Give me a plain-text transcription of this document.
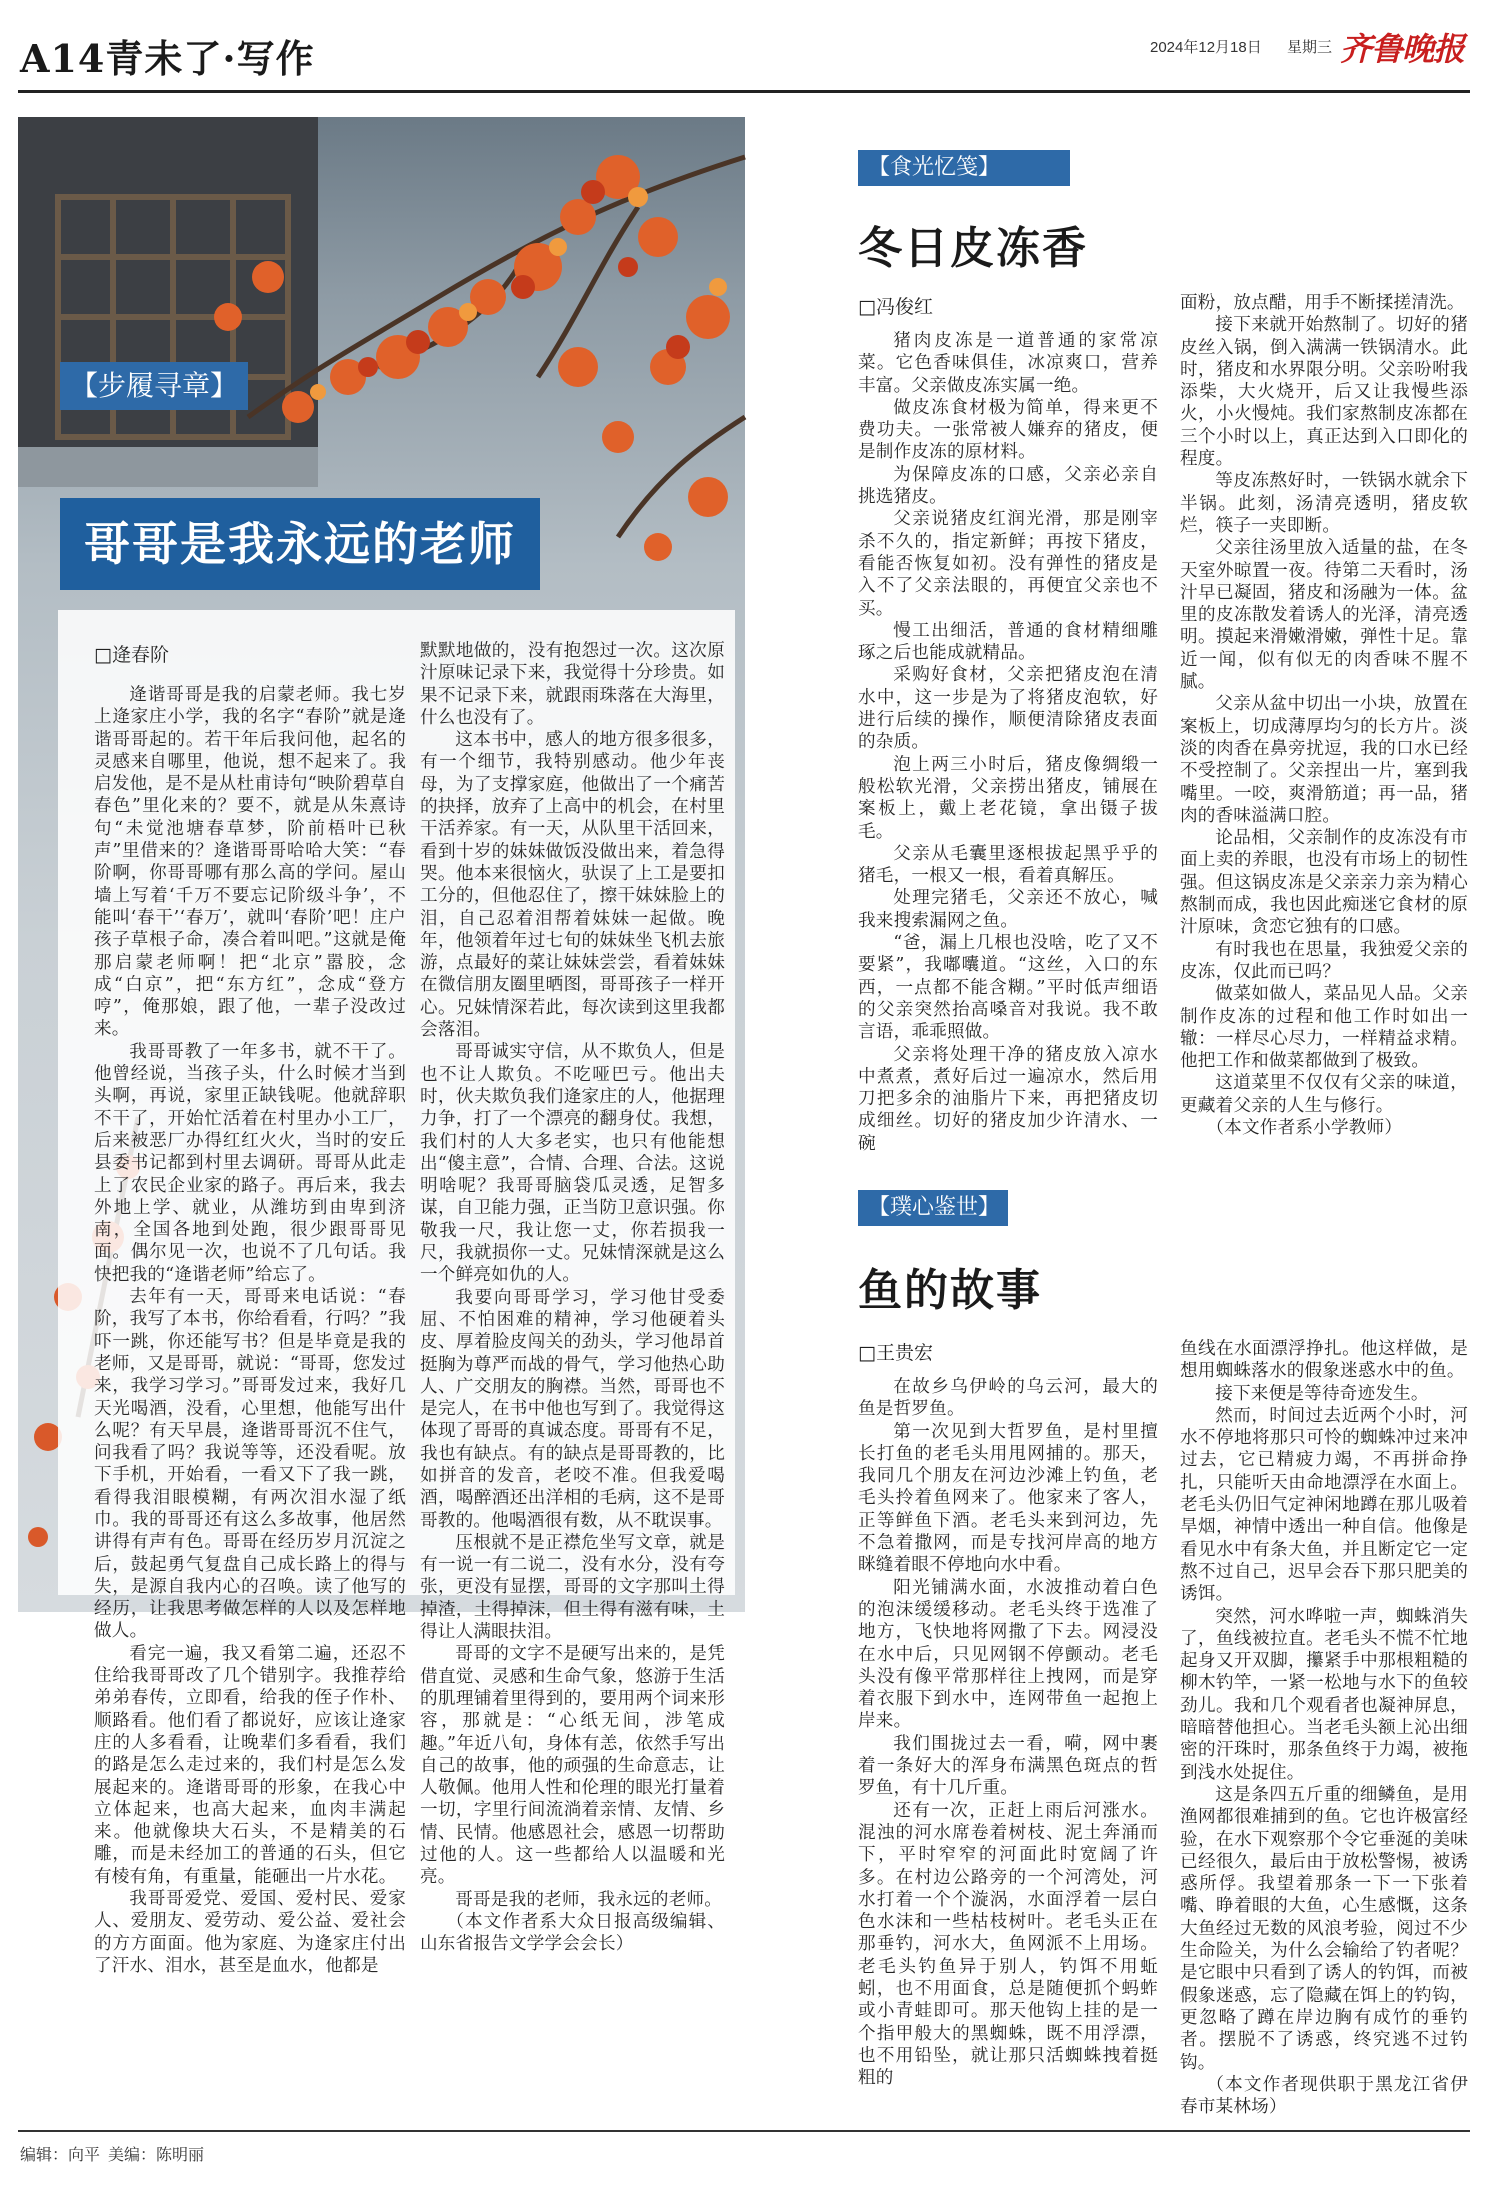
A14青未了·写作	2024年12月18日 星期三 齐鲁晚报
【步履寻章】
哥哥是我永远的老师
□逄春阶

逄谐哥哥是我的启蒙老师。我七岁上逄家庄小学，我的名字“春阶”就是逄谐哥哥起的。若干年后我问他，起名的灵感来自哪里，他说，想不起来了。我启发他，是不是从杜甫诗句“映阶碧草自春色”里化来的？要不，就是从朱熹诗句“未觉池塘春草梦，阶前梧叶已秋声”里借来的？逄谐哥哥哈哈大笑：“春阶啊，你哥哥哪有那么高的学问。屋山墙上写着‘千万不要忘记阶级斗争’，不能叫‘春干’‘春万’，就叫‘春阶’吧！庄户孩子草根子命，凑合着叫吧。”这就是俺那启蒙老师啊！把“北京”嚣胶，念成“白京”，把“东方红”，念成“登方哼”，俺那娘，跟了他，一辈子没改过来。

我哥哥教了一年多书，就不干了。他曾经说，当孩子头，什么时候才当到头啊，再说，家里正缺钱呢。他就辞职不干了，开始忙活着在村里办小工厂，后来被恶厂办得红红火火，当时的安丘县委书记都到村里去调研。哥哥从此走上了农民企业家的路子。再后来，我去外地上学、就业，从潍坊到由卑到济南，全国各地到处跑，很少跟哥哥见面。偶尔见一次，也说不了几句话。我快把我的“逄谐老师”给忘了。

去年有一天，哥哥来电话说：“春阶，我写了本书，你给看看，行吗？”我吓一跳，你还能写书？但是毕竟是我的老师，又是哥哥，就说：“哥哥，您发过来，我学习学习。”哥哥发过来，我好几天光喝酒，没看，心里想，他能写出什么呢？有天早晨，逄谐哥哥沉不住气，问我看了吗？我说等等，还没看呢。放下手机，开始看，一看又下了我一跳，看得我泪眼模糊，有两次泪水湿了纸巾。我的哥哥还有这么多故事，他居然讲得有声有色。哥哥在经历岁月沉淀之后，鼓起勇气复盘自己成长路上的得与失，是源自我内心的召唤。读了他写的经历，让我思考做怎样的人以及怎样地做人。

看完一遍，我又看第二遍，还忍不住给我哥哥改了几个错别字。我推荐给弟弟春传，立即看，给我的侄子作朴、顺路看。他们看了都说好，应该让逄家庄的人多看看，让晚辈们多看看，我们的路是怎么走过来的，我们村是怎么发展起来的。逄谐哥哥的形象，在我心中立体起来，也高大起来，血肉丰满起来。他就像块大石头，不是精美的石雕，而是未经加工的普通的石头，但它有棱有角，有重量，能砸出一片水花。

我哥哥爱党、爱国、爱村民、爱家人、爱朋友、爱劳动、爱公益、爱社会的方方面面。他为家庭、为逄家庄付出了汗水、泪水，甚至是血水，他都是

默默地做的，没有抱怨过一次。这次原汁原味记录下来，我觉得十分珍贵。如果不记录下来，就跟雨珠落在大海里，什么也没有了。

这本书中，感人的地方很多很多，有一个细节，我特别感动。他少年丧母，为了支撑家庭，他做出了一个痛苦的抉择，放弃了上高中的机会，在村里干活养家。有一天，从队里干活回来，看到十岁的妹妹做饭没做出来，着急得哭。他本来很恼火，驮误了上工是要扣工分的，但他忍住了，擦干妹妹脸上的泪，自己忍着泪帮着妹妹一起做。晚年，他领着年过七旬的妹妹坐飞机去旅游，点最好的菜让妹妹尝尝，看着妹妹在微信朋友圈里晒图，哥哥孩子一样开心。兄妹情深若此，每次读到这里我都会落泪。

哥哥诚实守信，从不欺负人，但是也不让人欺负。不吃哑巴亏。他出夫时，伙夫欺负我们逄家庄的人，他据理力争，打了一个漂亮的翻身仗。我想，我们村的人大多老实，也只有他能想出“傻主意”，合情、合理、合法。这说明啥呢？我哥哥脑袋瓜灵透，足智多谋，自卫能力强，正当防卫意识强。你敬我一尺，我让您一丈，你若损我一尺，我就损你一丈。兄妹情深就是这么一个鲜亮如仇的人。

我要向哥哥学习，学习他甘受委屈、不怕困难的精神，学习他硬着头皮、厚着脸皮闯关的劲头，学习他昂首挺胸为尊严而战的骨气，学习他热心助人、广交朋友的胸襟。当然，哥哥也不是完人，在书中他也写到了。我觉得这体现了哥哥的真诚态度。哥哥有不足，我也有缺点。有的缺点是哥哥教的，比如拼音的发音，老咬不准。但我爱喝酒，喝醉酒还出洋相的毛病，这不是哥哥教的。他喝酒很有数，从不耽误事。

压根就不是正襟危坐写文章，就是有一说一有二说二，没有水分，没有夸张，更没有显摆，哥哥的文字那叫土得掉渣，土得掉沫，但土得有滋有味，土得让人满眼扶泪。

哥哥的文字不是硬写出来的，是凭借直觉、灵感和生命气象，悠游于生活的肌理铺着里得到的，要用两个词来形容，那就是：“心纸无间，涉笔成趣。”年近八旬，身体有恙，依然手写出自己的故事，他的顽强的生命意志，让人敬佩。他用人性和伦理的眼光打量着一切，字里行间流淌着亲情、友情、乡情、民情。他感恩社会，感恩一切帮助过他的人。这一些都给人以温暖和光亮。

哥哥是我的老师，我永远的老师。

（本文作者系大众日报高级编辑、山东省报告文学学会会长）

【食光忆笺】
冬日皮冻香
□冯俊红

猪肉皮冻是一道普通的家常凉菜。它色香味俱佳，冰凉爽口，营养丰富。父亲做皮冻实属一绝。

做皮冻食材极为简单，得来更不费功夫。一张常被人嫌弃的猪皮，便是制作皮冻的原材料。

为保障皮冻的口感，父亲必亲自挑选猪皮。

父亲说猪皮红润光滑，那是刚宰杀不久的，指定新鲜；再按下猪皮，看能否恢复如初。没有弹性的猪皮是入不了父亲法眼的，再便宜父亲也不买。

慢工出细活，普通的食材精细雕琢之后也能成就精品。

采购好食材，父亲把猪皮泡在清水中，这一步是为了将猪皮泡软，好进行后续的操作，顺便清除猪皮表面的杂质。

泡上两三小时后，猪皮像绸缎一般松软光滑，父亲捞出猪皮，铺展在案板上，戴上老花镜，拿出镊子拔毛。

父亲从毛囊里逐根拔起黑乎乎的猪毛，一根又一根，看着真解压。

处理完猪毛，父亲还不放心，喊我来搜索漏网之鱼。

“爸，漏上几根也没啥，吃了又不要紧”，我嘟囔道。“这丝，入口的东西，一点都不能含糊。”平时低声细语的父亲突然抬高嗓音对我说。我不敢言语，乖乖照做。

父亲将处理干净的猪皮放入凉水中煮煮，煮好后过一遍凉水，然后用刀把多余的油脂片下来，再把猪皮切成细丝。切好的猪皮加少许清水、一碗

面粉，放点醋，用手不断揉搓清洗。

接下来就开始熬制了。切好的猪皮丝入锅，倒入满满一铁锅清水。此时，猪皮和水界限分明。父亲吩咐我添柴，大火烧开，后又让我慢些添火，小火慢炖。我们家熬制皮冻都在三个小时以上，真正达到入口即化的程度。

等皮冻熬好时，一铁锅水就余下半锅。此刻，汤清亮透明，猪皮软烂，筷子一夹即断。

父亲往汤里放入适量的盐，在冬天室外晾置一夜。待第二天看时，汤汁早已凝固，猪皮和汤融为一体。盆里的皮冻散发着诱人的光泽，清亮透明。摸起来滑嫩滑嫩，弹性十足。靠近一闻，似有似无的肉香味不腥不腻。

父亲从盆中切出一小块，放置在案板上，切成薄厚均匀的长方片。淡淡的肉香在鼻旁扰逗，我的口水已经不受控制了。父亲捏出一片，塞到我嘴里。一咬，爽滑筋道；再一品，猪肉的香味溢满口腔。

论品相，父亲制作的皮冻没有市面上卖的养眼，也没有市场上的韧性强。但这锅皮冻是父亲亲力亲为精心熬制而成，我也因此痴迷它食材的原汁原味，贪恋它独有的口感。

有时我也在思量，我独爱父亲的皮冻，仅此而已吗？

做菜如做人，菜品见人品。父亲制作皮冻的过程和他工作时如出一辙：一样尽心尽力，一样精益求精。他把工作和做菜都做到了极致。

这道菜里不仅仅有父亲的味道，更藏着父亲的人生与修行。

（本文作者系小学教师）

【璞心鉴世】
鱼的故事
□王贵宏

在故乡乌伊岭的乌云河，最大的鱼是哲罗鱼。

第一次见到大哲罗鱼，是村里擅长打鱼的老毛头用甩网捕的。那天，我同几个朋友在河边沙滩上钓鱼，老毛头拎着鱼网来了。他家来了客人，正等鲜鱼下酒。老毛头来到河边，先不急着撒网，而是专找河岸高的地方眯缝着眼不停地向水中看。

阳光铺满水面，水波推动着白色的泡沫缓缓移动。老毛头终于选准了地方，飞快地将网撒了下去。网浸没在水中后，只见网钢不停颤动。老毛头没有像平常那样往上拽网，而是穿着衣服下到水中，连网带鱼一起抱上岸来。

我们围拢过去一看，嗬，网中裹着一条好大的浑身布满黑色斑点的哲罗鱼，有十几斤重。

还有一次，正赶上雨后河涨水。混浊的河水席卷着树枝、泥土奔涌而下，平时窄窄的河面此时宽阔了许多。在村边公路旁的一个河湾处，河水打着一个个漩涡，水面浮着一层白色水沫和一些枯枝树叶。老毛头正在那垂钓，河水大，鱼网派不上用场。老毛头钓鱼异于别人，钓饵不用蚯蚓，也不用面食，总是随便抓个蚂蚱或小青蛙即可。那天他钩上挂的是一个指甲般大的黑蜘蛛，既不用浮漂，也不用铅坠，就让那只活蜘蛛拽着挺粗的

鱼线在水面漂浮挣扎。他这样做，是想用蜘蛛落水的假象迷惑水中的鱼。

接下来便是等待奇迹发生。

然而，时间过去近两个小时，河水不停地将那只可怜的蜘蛛冲过来冲过去，它已精疲力竭，不再拼命挣扎，只能听天由命地漂浮在水面上。老毛头仍旧气定神闲地蹲在那儿吸着旱烟，神情中透出一种自信。他像是看见水中有条大鱼，并且断定它一定熬不过自己，迟早会吞下那只肥美的诱饵。

突然，河水哗啦一声，蜘蛛消失了，鱼线被拉直。老毛头不慌不忙地起身又开双脚，攥紧手中那根粗糙的柳木钓竿，一紧一松地与水下的鱼较劲儿。我和几个观看者也凝神屏息，暗暗替他担心。当老毛头额上沁出细密的汗珠时，那条鱼终于力竭，被拖到浅水处捉住。

这是条四五斤重的细鳞鱼，是用渔网都很难捕到的鱼。它也许极富经验，在水下观察那个令它垂涎的美味已经很久，最后由于放松警惕，被诱惑所俘。我望着那条一下一下张着嘴、睁着眼的大鱼，心生感慨，这条大鱼经过无数的风浪考验，阅过不少生命险关，为什么会输给了钓者呢？是它眼中只看到了诱人的钓饵，而被假象迷惑，忘了隐藏在饵上的钓钩，更忽略了蹲在岸边胸有成竹的垂钓者。摆脱不了诱惑，终究逃不过钓钩。

（本文作者现供职于黑龙江省伊春市某林场）

编辑：向平 美编：陈明丽
